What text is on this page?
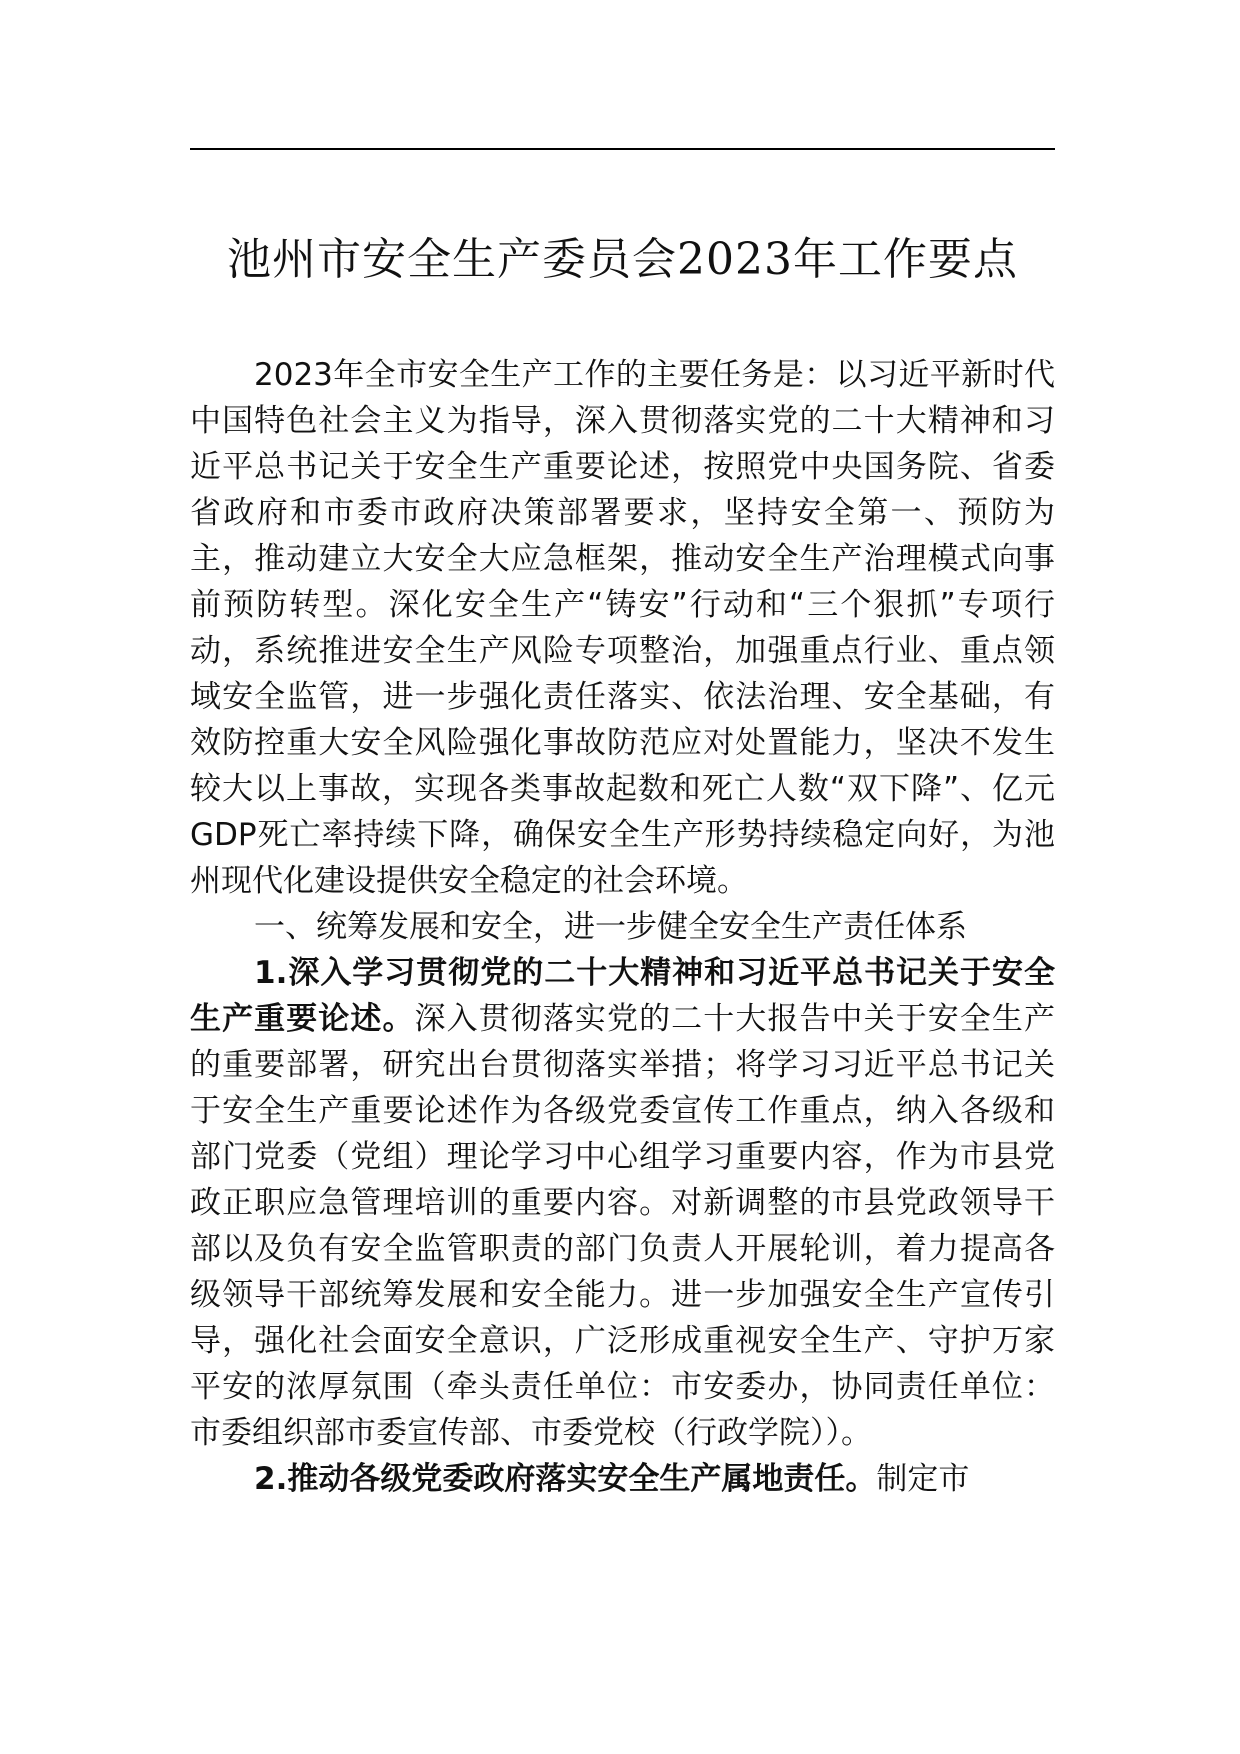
池州市安全生产委员会2023年工作要点

2023年全市安全生产工作的主要任务是：以习近平新时代中国特色社会主义为指导，深入贯彻落实党的二十大精神和习近平总书记关于安全生产重要论述，按照党中央国务院、省委省政府和市委市政府决策部署要求，坚持安全第一、预防为主，推动建立大安全大应急框架，推动安全生产治理模式向事前预防转型。深化安全生产“铸安”行动和“三个狠抓”专项行动，系统推进安全生产风险专项整治，加强重点行业、重点领域安全监管，进一步强化责任落实、依法治理、安全基础，有效防控重大安全风险强化事故防范应对处置能力，坚决不发生较大以上事故，实现各类事故起数和死亡人数“双下降”、亿元GDP死亡率持续下降，确保安全生产形势持续稳定向好，为池州现代化建设提供安全稳定的社会环境。

一、统筹发展和安全，进一步健全安全生产责任体系

1.深入学习贯彻党的二十大精神和习近平总书记关于安全生产重要论述。深入贯彻落实党的二十大报告中关于安全生产的重要部署，研究出台贯彻落实举措；将学习习近平总书记关于安全生产重要论述作为各级党委宣传工作重点，纳入各级和部门党委（党组）理论学习中心组学习重要内容，作为市县党政正职应急管理培训的重要内容。对新调整的市县党政领导干部以及负有安全监管职责的部门负责人开展轮训，着力提高各级领导干部统筹发展和安全能力。进一步加强安全生产宣传引导，强化社会面安全意识，广泛形成重视安全生产、守护万家平安的浓厚氛围（牵头责任单位：市安委办，协同责任单位：市委组织部市委宣传部、市委党校（行政学院））。

2.推动各级党委政府落实安全生产属地责任。制定市
